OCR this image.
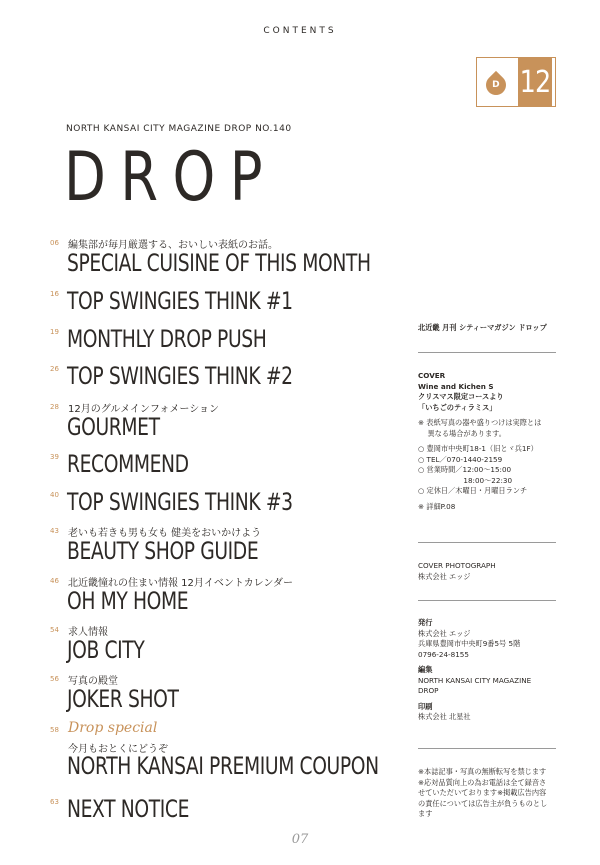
CONTENTS
D 12
NORTH KANSAI CITY MAGAZINE DROP NO.140
DROP
06 編集部が毎月厳選する、おいしい表紙のお話。
SPECIAL CUISINE OF THIS MONTH
16 TOP SWINGIES THINK #1
19 MONTHLY DROP PUSH
26 TOP SWINGIES THINK #2
28 12月のグルメインフォメーション
GOURMET
39 RECOMMEND
40 TOP SWINGIES THINK #3
43 老いも若きも男も女も 健美をおいかけよう
BEAUTY SHOP GUIDE
46 北近畿憧れの住まい情報 12月イベントカレンダー
OH MY HOME
54 求人情報
JOB CITY
56 写真の殿堂
JOKER SHOT
58 Drop special
今月もおとくにどうぞ
NORTH KANSAI PREMIUM COUPON
63 NEXT NOTICE
北近畿 月刊 シティーマガジン ドロップ
COVER
Wine and Kichen S
クリスマス限定コースより
「いちごのティラミス」

※ 表紙写真の器や盛りつけは実際とは
　 異なる場合があります。

○ 豊岡市中央町18-1（旧とヾ兵1F）
○ TEL／070-1440-2159
○ 営業時間／12:00〜15:00
　　　　　　 18:00〜22:30
○ 定休日／木曜日・月曜日ランチ

※ 詳細P.08
COVER PHOTOGRAPH
株式会社 エッジ
発行
株式会社 エッジ
兵庫県豊岡市中央町9番5号 5階
0796-24-8155

編集
NORTH KANSAI CITY MAGAZINE
DROP

印刷
株式会社 北星社
※本誌記事・写真の無断転写を禁じます
※応対品質向上の為お電話は全て録音さ
せていただいております※掲載広告内容
の責任については広告主が負うものとし
ます
07
